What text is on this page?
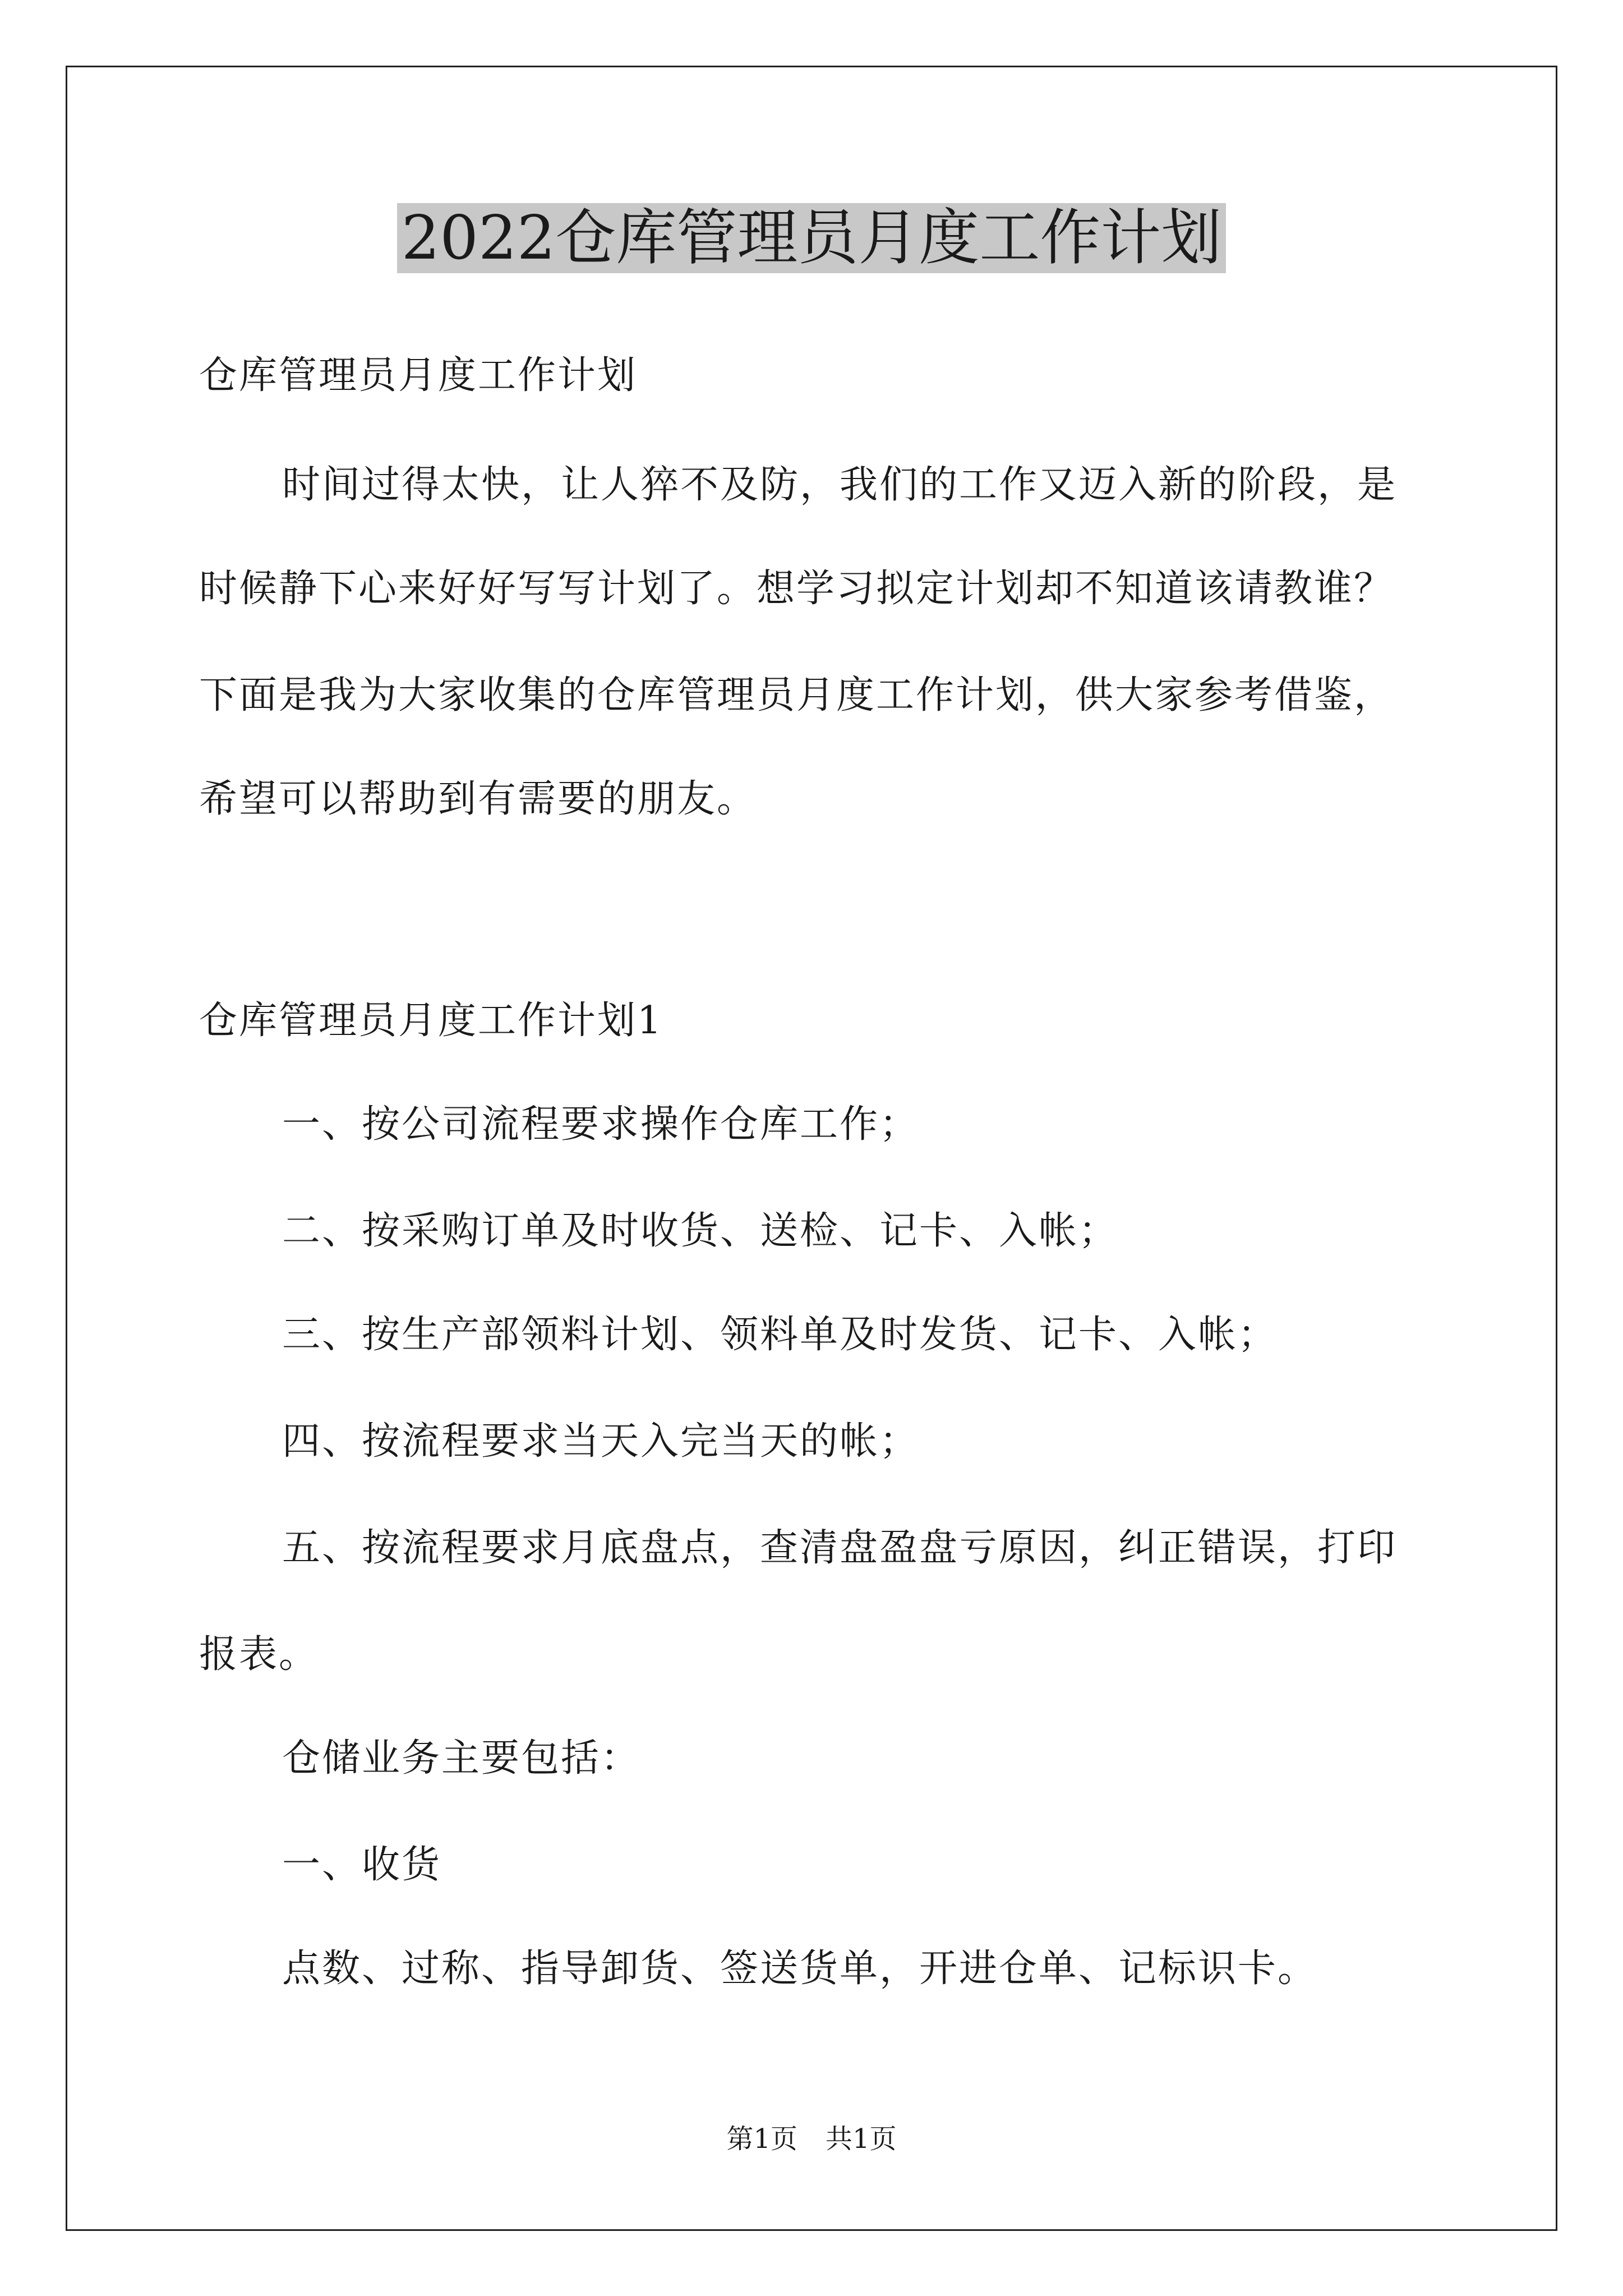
2022仓库管理员月度工作计划
仓库管理员月度工作计划
时间过得太快，让人猝不及防，我们的工作又迈入新的阶段，是
时候静下心来好好写写计划了。想学习拟定计划却不知道该请教谁？
下面是我为大家收集的仓库管理员月度工作计划，供大家参考借鉴，
希望可以帮助到有需要的朋友。
仓库管理员月度工作计划1
一、按公司流程要求操作仓库工作；
二、按采购订单及时收货、送检、记卡、入帐；
三、按生产部领料计划、领料单及时发货、记卡、入帐；
四、按流程要求当天入完当天的帐；
五、按流程要求月底盘点，查清盘盈盘亏原因，纠正错误，打印
报表。
仓储业务主要包括：
一、收货
点数、过称、指导卸货、签送货单，开进仓单、记标识卡。
第1页 共1页
